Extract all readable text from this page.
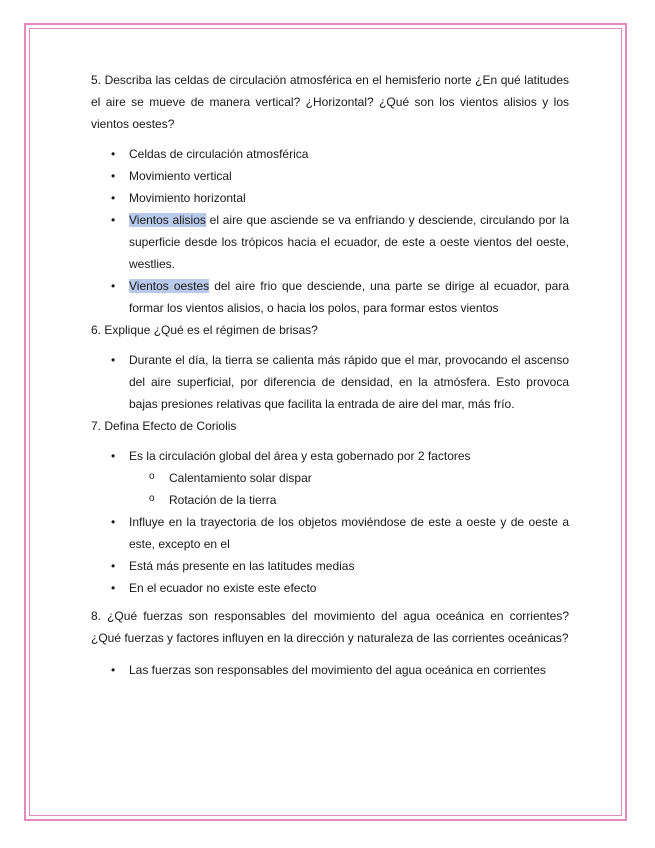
5. Describa las celdas de circulación atmosférica en el hemisferio norte ¿En qué latitudes el aire se mueve de manera vertical? ¿Horizontal? ¿Qué son los vientos alisios y los vientos oestes?

• Celdas de circulación atmosférica
• Movimiento vertical
• Movimiento horizontal
• Vientos alisios el aire que asciende se va enfriando y desciende, circulando por la superficie desde los trópicos hacia el ecuador, de este a oeste vientos del oeste, westlies.
• Vientos oestes del aire frio que desciende, una parte se dirige al ecuador, para formar los vientos alisios, o hacia los polos, para formar estos vientos

6. Explique ¿Qué es el régimen de brisas?

• Durante el día, la tierra se calienta más rápido que el mar, provocando el ascenso del aire superficial, por diferencia de densidad, en la atmósfera. Esto provoca bajas presiones relativas que facilita la entrada de aire del mar, más frío.

7. Defina Efecto de Coriolis

• Es la circulación global del área y esta gobernado por 2 factores
o Calentamiento solar dispar
o Rotación de la tierra
• Influye en la trayectoria de los objetos moviéndose de este a oeste y de oeste a este, excepto en el
• Está más presente en las latitudes medias
• En el ecuador no existe este efecto

8. ¿Qué fuerzas son responsables del movimiento del agua oceánica en corrientes? ¿Qué fuerzas y factores influyen en la dirección y naturaleza de las corrientes oceánicas?

• Las fuerzas son responsables del movimiento del agua oceánica en corrientes
